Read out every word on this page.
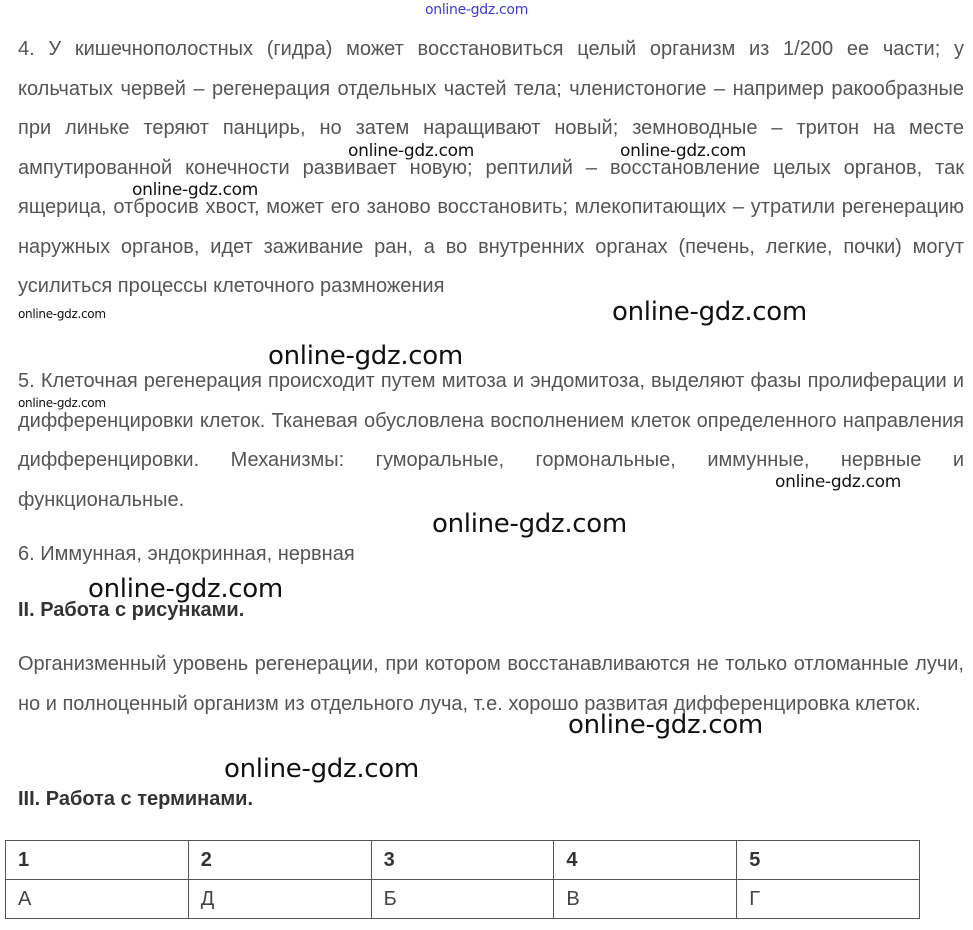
online-gdz.com

4. У кишечнополостных (гидра) может восстановиться целый организм из 1/200 ее части; у кольчатых червей – регенерация отдельных частей тела; членистоногие – например ракообразные при линьке теряют панцирь, но затем наращивают новый; земноводные – тритон на месте ампутированной конечности развивает новую; рептилий – восстановление целых органов, так ящерица, отбросив хвост, может его заново восстановить; млекопитающих – утратили регенерацию наружных органов, идет заживание ран, а во внутренних органах (печень, легкие, почки) могут усилиться процессы клеточного размножения

5. Клеточная регенерация происходит путем митоза и эндомитоза, выделяют фазы пролиферации и дифференцировки клеток. Тканевая обусловлена восполнением клеток определенного направления дифференцировки. Механизмы: гуморальные, гормональные, иммунные, нервные и функциональные.

6. Иммунная, эндокринная, нервная

II. Работа с рисунками.

Организменный уровень регенерации, при котором восстанавливаются не только отломанные лучи, но и полноценный организм из отдельного луча, т.е. хорошо развитая дифференцировка клеток.

III. Работа с терминами.
1	2	3	4	5
А	Д	Б	В	Г
online-gdz.com	online-gdz.com
online-gdz.com
online-gdz.com
online-gdz.com
online-gdz.com
online-gdz.com
online-gdz.com
online-gdz.com
online-gdz.com
online-gdz.com
online-gdz.com
